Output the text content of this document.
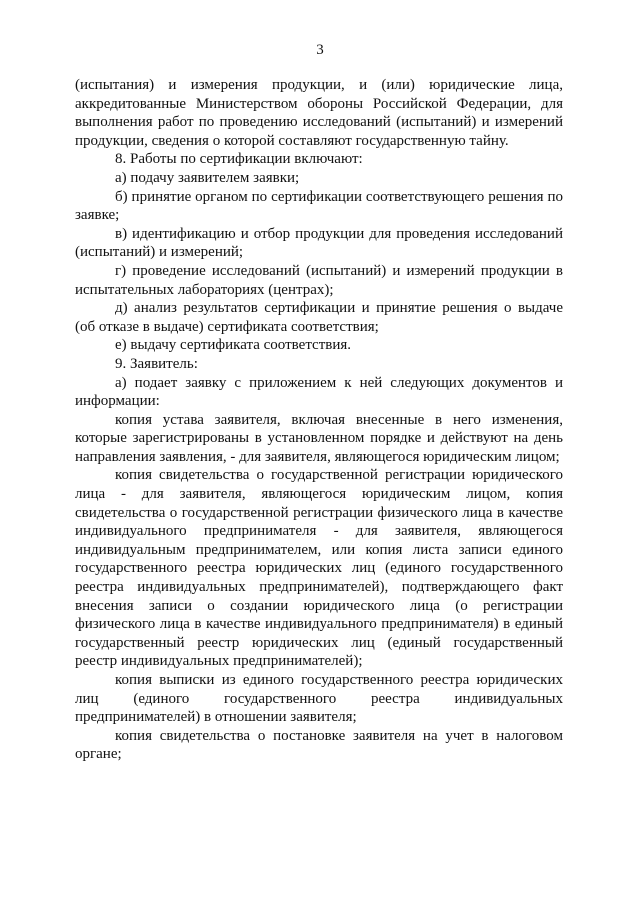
3

(испытания) и измерения продукции, и (или) юридические лица, аккредитованные Министерством обороны Российской Федерации, для выполнения работ по проведению исследований (испытаний) и измерений продукции, сведения о которой составляют государственную тайну.

8. Работы по сертификации включают:

а) подачу заявителем заявки;

б) принятие органом по сертификации соответствующего решения по заявке;

в) идентификацию и отбор продукции для проведения исследований (испытаний) и измерений;

г) проведение исследований (испытаний) и измерений продукции в испытательных лабораториях (центрах);

д) анализ результатов сертификации и принятие решения о выдаче (об отказе в выдаче) сертификата соответствия;

е) выдачу сертификата соответствия.

9. Заявитель:

а) подает заявку с приложением к ней следующих документов и информации:

копия устава заявителя, включая внесенные в него изменения, которые зарегистрированы в установленном порядке и действуют на день направления заявления, - для заявителя, являющегося юридическим лицом;

копия свидетельства о государственной регистрации юридического лица - для заявителя, являющегося юридическим лицом, копия свидетельства о государственной регистрации физического лица в качестве индивидуального предпринимателя - для заявителя, являющегося индивидуальным предпринимателем, или копия листа записи единого государственного реестра юридических лиц (единого государственного реестра индивидуальных предпринимателей), подтверждающего факт внесения записи о создании юридического лица (о регистрации физического лица в качестве индивидуального предпринимателя) в единый государственный реестр юридических лиц (единый государственный реестр индивидуальных предпринимателей);

копия выписки из единого государственного реестра юридических лиц (единого государственного реестра индивидуальных предпринимателей) в отношении заявителя;

копия свидетельства о постановке заявителя на учет в налоговом органе;
